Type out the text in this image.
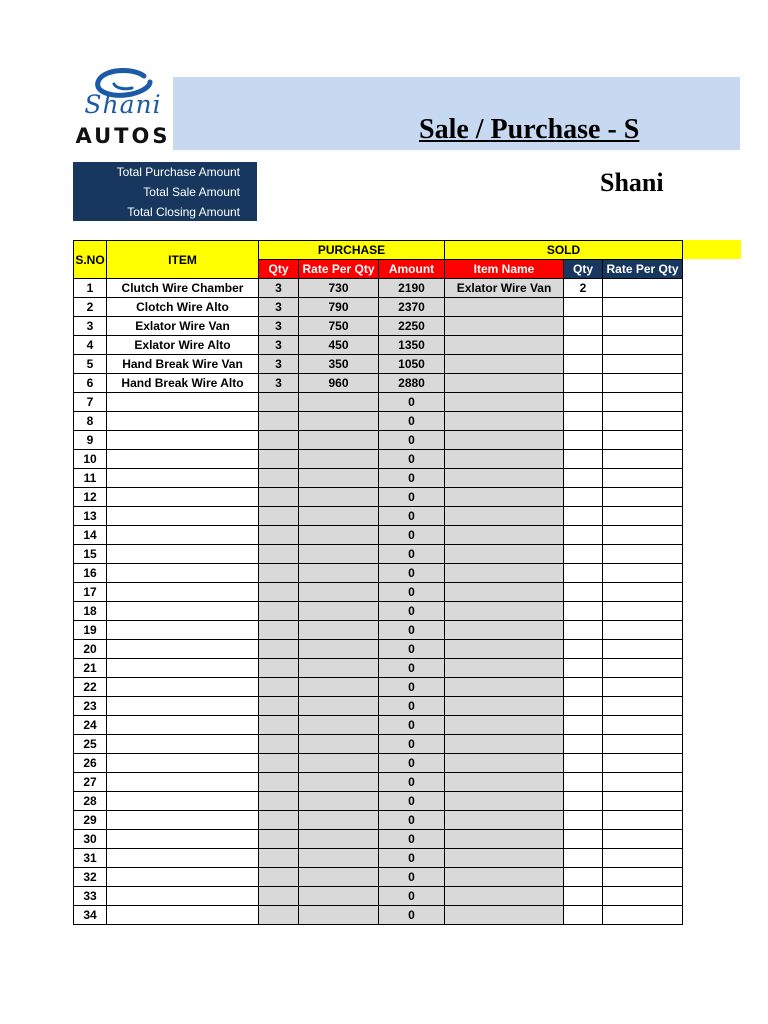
Shani
AUTOS	Sale / Purchase - S
Shani
Total Purchase Amount
Total Sale Amount
Total Closing Amount
S.NO	ITEM	PURCHASE			SOLD		
		Qty	Rate Per Qty	Amount	Item Name	Qty	Rate Per Qty
1	Clutch Wire Chamber	3	730	2190	Exlator Wire Van	2	
2	Clotch Wire Alto	3	790	2370			
3	Exlator Wire Van	3	750	2250			
4	Exlator Wire Alto	3	450	1350			
5	Hand Break Wire Van	3	350	1050			
6	Hand Break Wire Alto	3	960	2880			
7				0			
8				0			
9				0			
10				0			
11				0			
12				0			
13				0			
14				0			
15				0			
16				0			
17				0			
18				0			
19				0			
20				0			
21				0			
22				0			
23				0			
24				0			
25				0			
26				0			
27				0			
28				0			
29				0			
30				0			
31				0			
32				0			
33				0			
34				0			
